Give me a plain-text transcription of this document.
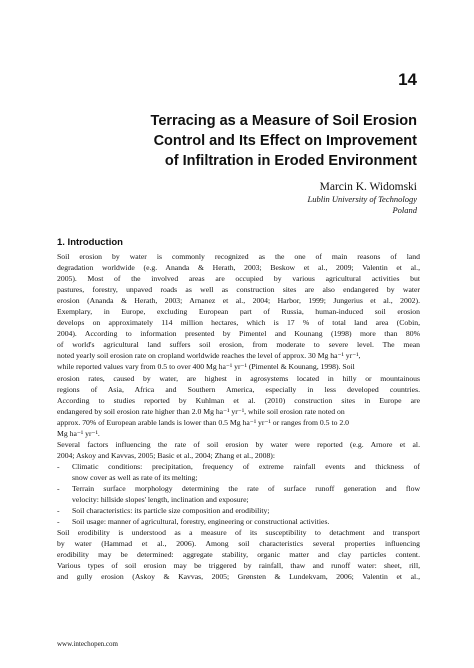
14
Terracing as a Measure of Soil Erosion
Control and Its Effect on Improvement
of Infiltration in Eroded Environment
Marcin K. Widomski
Lublin University of Technology
Poland
1. Introduction
Soil erosion by water is commonly recognized as the one of main reasons of land
degradation worldwide (e.g. Ananda & Herath, 2003; Beskow et al., 2009; Valentin et al.,
2005). Most of the involved areas are occupied by various agricultural activities but
pastures, forestry, unpaved roads as well as construction sites are also endangered by water
erosion (Ananda & Herath, 2003; Arnanez et al., 2004; Harbor, 1999; Jungerius et al., 2002).
Exemplary, in Europe, excluding European part of Russia, human-induced soil erosion
develops on approximately 114 million hectares, which is 17 % of total land area (Cobin,
2004). According to information presented by Pimentel and Kounang (1998) more than 80%
of world's agricultural land suffers soil erosion, from moderate to severe level. The mean
noted yearly soil erosion rate on cropland worldwide reaches the level of approx. 30 Mg ha⁻¹ yr⁻¹,
while reported values vary from 0.5 to over 400 Mg ha⁻¹ yr⁻¹ (Pimentel & Kounang, 1998). Soil
erosion rates, caused by water, are highest in agrosystems located in hilly or mountainous
regions of Asia, Africa and Southern America, especially in less developed countries.
According to studies reported by Kuhlman et al. (2010) construction sites in Europe are
endangered by soil erosion rate higher than 2.0 Mg ha⁻¹ yr⁻¹, while soil erosion rate noted on
approx. 70% of European arable lands is lower than 0.5 Mg ha⁻¹ yr⁻¹ or ranges from 0.5 to 2.0
Mg ha⁻¹ yr⁻¹.
Several factors influencing the rate of soil erosion by water were reported (e.g. Arnore et al.
2004; Askoy and Kavvas, 2005; Basic et al., 2004; Zhang et al., 2008):
- Climatic conditions: precipitation, frequency of extreme rainfall events and thickness of
snow cover as well as rate of its melting;
- Terrain surface morphology determining the rate of surface runoff generation and flow
velocity: hillside slopes' length, inclination and exposure;
- Soil characteristics: its particle size composition and erodibility;
- Soil usage: manner of agricultural, forestry, engineering or constructional activities.
Soil erodibility is understood as a measure of its susceptibility to detachment and transport
by water (Hammad et al., 2006). Among soil characteristics several properties influencing
erodibility may be determined: aggregate stability, organic matter and clay particles content.
Various types of soil erosion may be triggered by rainfall, thaw and runoff water: sheet, rill,
and gully erosion (Askoy & Kavvas, 2005; Grønsten & Lundekvam, 2006; Valentin et al.,
www.intechopen.com
